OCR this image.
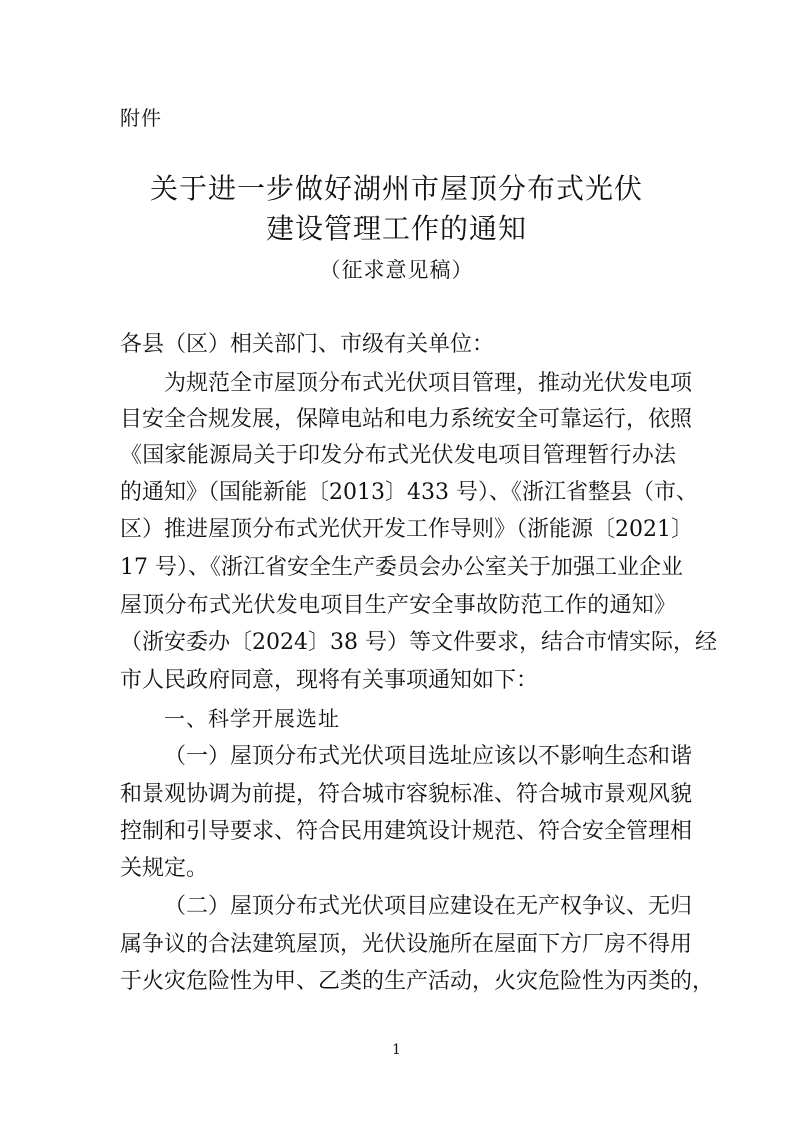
附件
关于进一步做好湖州市屋顶分布式光伏
建设管理工作的通知
（征求意见稿）
各县（区）相关部门、市级有关单位：
为规范全市屋顶分布式光伏项目管理，推动光伏发电项
目安全合规发展，保障电站和电力系统安全可靠运行，依照
《国家能源局关于印发分布式光伏发电项目管理暂行办法
的通知》（国能新能〔2013〕433 号）、《浙江省整县（市、
区）推进屋顶分布式光伏开发工作导则》（浙能源〔2021〕
17 号）、《浙江省安全生产委员会办公室关于加强工业企业
屋顶分布式光伏发电项目生产安全事故防范工作的通知》
（浙安委办〔2024〕38 号）等文件要求，结合市情实际，经
市人民政府同意，现将有关事项通知如下：
一、科学开展选址
（一）屋顶分布式光伏项目选址应该以不影响生态和谐
和景观协调为前提，符合城市容貌标准、符合城市景观风貌
控制和引导要求、符合民用建筑设计规范、符合安全管理相
关规定。
（二）屋顶分布式光伏项目应建设在无产权争议、无归
属争议的合法建筑屋顶，光伏设施所在屋面下方厂房不得用
于火灾危险性为甲、乙类的生产活动，火灾危险性为丙类的，
1
